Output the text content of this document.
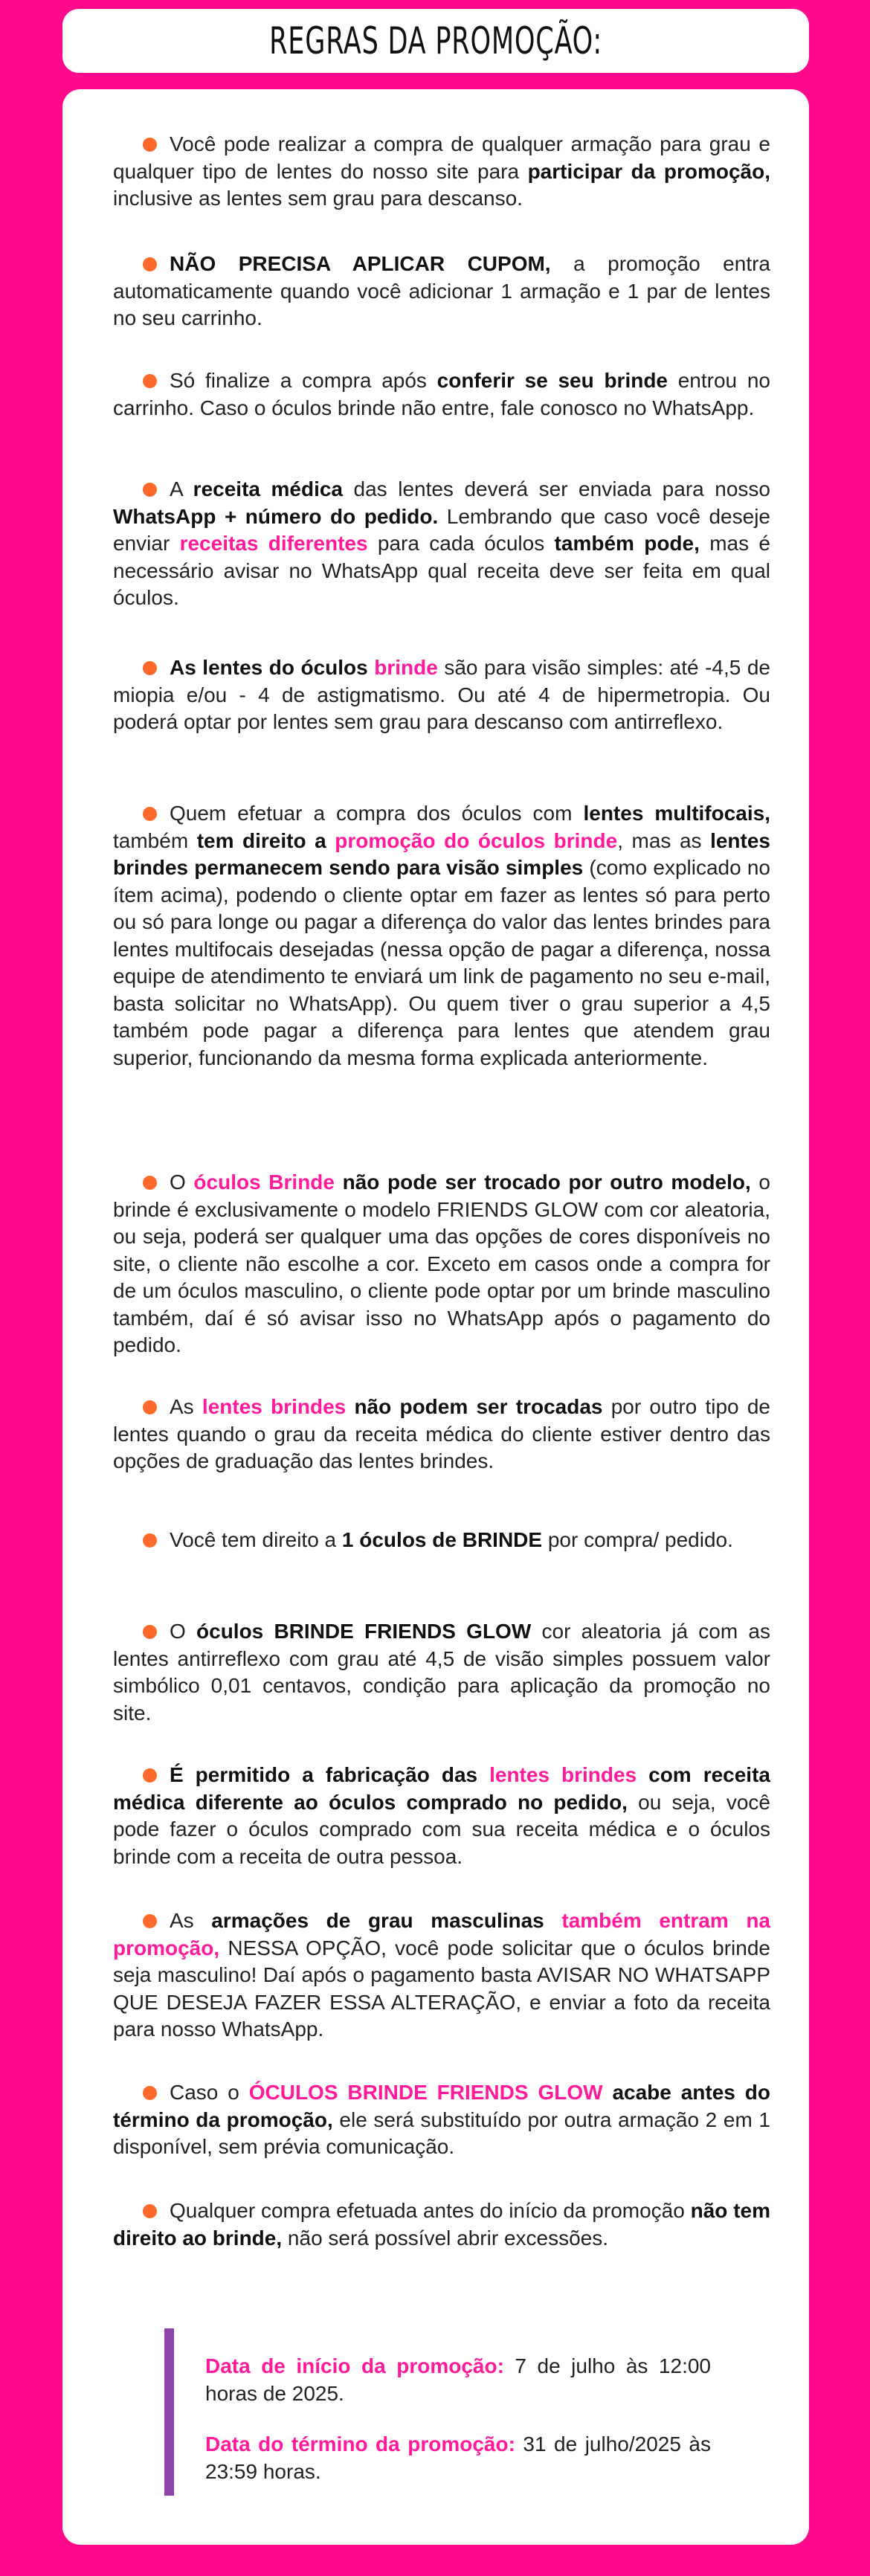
REGRAS DA PROMOÇÃO:

Você pode realizar a compra de qualquer armação para grau e qualquer tipo de lentes do nosso site para participar da promoção, inclusive as lentes sem grau para descanso.

NÃO PRECISA APLICAR CUPOM, a promoção entra automaticamente quando você adicionar 1 armação e 1 par de lentes no seu carrinho.

Só finalize a compra após conferir se seu brinde entrou no carrinho. Caso o óculos brinde não entre, fale conosco no WhatsApp.

A receita médica das lentes deverá ser enviada para nosso WhatsApp + número do pedido. Lembrando que caso você deseje enviar receitas diferentes para cada óculos também pode, mas é necessário avisar no WhatsApp qual receita deve ser feita em qual óculos.

As lentes do óculos brinde são para visão simples: até -4,5 de miopia e/ou - 4 de astigmatismo. Ou até 4 de hipermetropia. Ou poderá optar por lentes sem grau para descanso com antirreflexo.

Quem efetuar a compra dos óculos com lentes multifocais, também tem direito a promoção do óculos brinde, mas as lentes brindes permanecem sendo para visão simples (como explicado no ítem acima), podendo o cliente optar em fazer as lentes só para perto ou só para longe ou pagar a diferença do valor das lentes brindes para lentes multifocais desejadas (nessa opção de pagar a diferença, nossa equipe de atendimento te enviará um link de pagamento no seu e-mail, basta solicitar no WhatsApp). Ou quem tiver o grau superior a 4,5 também pode pagar a diferença para lentes que atendem grau superior, funcionando da mesma forma explicada anteriormente.

O óculos Brinde não pode ser trocado por outro modelo, o brinde é exclusivamente o modelo FRIENDS GLOW com cor aleatoria, ou seja, poderá ser qualquer uma das opções de cores disponíveis no site, o cliente não escolhe a cor. Exceto em casos onde a compra for de um óculos masculino, o cliente pode optar por um brinde masculino também, daí é só avisar isso no WhatsApp após o pagamento do pedido.

As lentes brindes não podem ser trocadas por outro tipo de lentes quando o grau da receita médica do cliente estiver dentro das opções de graduação das lentes brindes.

Você tem direito a 1 óculos de BRINDE por compra/ pedido.

O óculos BRINDE FRIENDS GLOW cor aleatoria já com as lentes antirreflexo com grau até 4,5 de visão simples possuem valor simbólico 0,01 centavos, condição para aplicação da promoção no site.

É permitido a fabricação das lentes brindes com receita médica diferente ao óculos comprado no pedido, ou seja, você pode fazer o óculos comprado com sua receita médica e o óculos brinde com a receita de outra pessoa.

As armações de grau masculinas também entram na promoção, NESSA OPÇÃO, você pode solicitar que o óculos brinde seja masculino! Daí após o pagamento basta AVISAR NO WHATSAPP QUE DESEJA FAZER ESSA ALTERAÇÃO, e enviar a foto da receita para nosso WhatsApp.

Caso o ÓCULOS BRINDE FRIENDS GLOW acabe antes do término da promoção, ele será substituído por outra armação 2 em 1 disponível, sem prévia comunicação.

Qualquer compra efetuada antes do início da promoção não tem direito ao brinde, não será possível abrir excessões.

Data de início da promoção: 7 de julho às 12:00 horas de 2025.

Data do término da promoção: 31 de julho/2025 às 23:59 horas.
